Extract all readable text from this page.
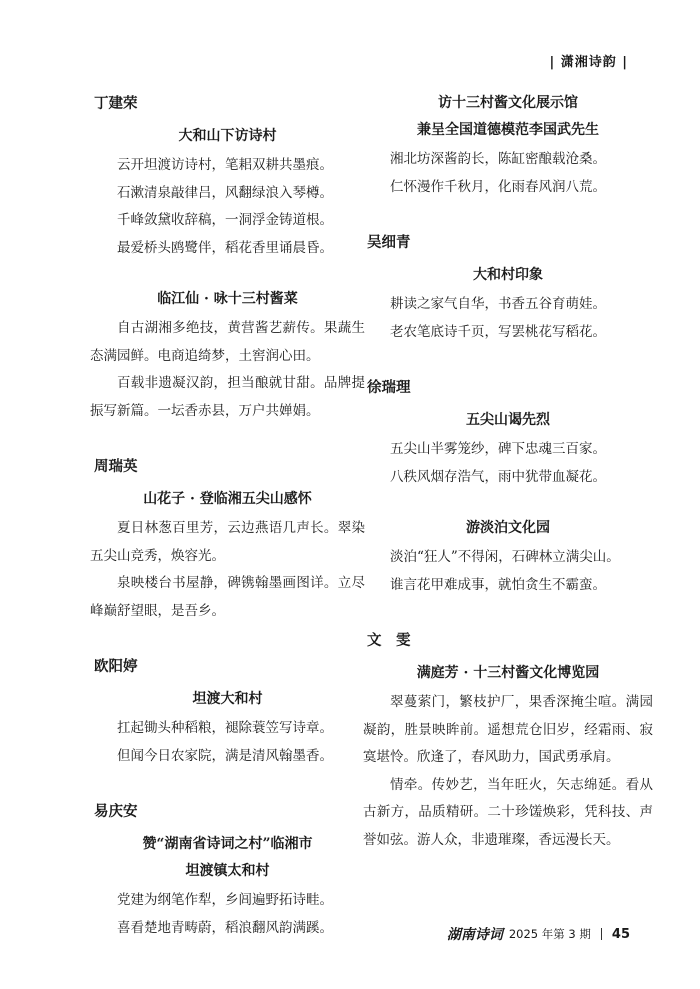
| 潇湘诗韵 |
丁建荣
大和山下访诗村

云开坦渡访诗村，笔耜双耕共墨痕。

石漱清泉敲律吕，风翻绿浪入琴樽。

千峰敛黛收辞稿，一洞浮金铸道根。

最爱桥头鸥鹭伴，稻花香里诵晨昏。

临江仙 · 咏十三村酱菜

自古湖湘多绝技，黄营酱艺薪传。果蔬生态满园鲜。电商追绮梦，土窖润心田。

百载非遗凝汉韵，担当酿就甘甜。品牌提振写新篇。一坛香赤县，万户共婵娟。

周瑞英
山花子 · 登临湘五尖山感怀

夏日林葱百里芳，云边燕语几声长。翠染五尖山竞秀，焕容光。

泉映楼台书屋静，碑镌翰墨画图详。立尽峰巅舒望眼，是吾乡。

欧阳婷
坦渡大和村

扛起锄头种稻粮，褪除蓑笠写诗章。

但闻今日农家院，满是清风翰墨香。

易庆安
赞“湖南省诗词之村”临湘市
坦渡镇太和村

党建为纲笔作犁，乡闾遍野拓诗畦。

喜看楚地青畴蔚，稻浪翻风韵满蹊。

访十三村酱文化展示馆
兼呈全国道德模范李国武先生

湘北坊深酱韵长，陈缸密酿载沧桑。

仁怀漫作千秋月，化雨春风润八荒。

吴细青
大和村印象

耕读之家气自华，书香五谷育萌娃。

老农笔底诗千页，写罢桃花写稻花。

徐瑞理
五尖山谒先烈

五尖山半雾笼纱，碑下忠魂三百家。

八秩风烟存浩气，雨中犹带血凝花。

游淡泊文化园

淡泊“狂人”不得闲，石碑林立满尖山。

谁言花甲难成事，就怕贪生不霸蛮。

文　雯
满庭芳 · 十三村酱文化博览园

翠蔓萦门，繁枝护厂，果香深掩尘喧。满园凝韵，胜景映眸前。遥想荒仓旧岁，经霜雨、寂寞堪怜。欣逢了，春风助力，国武勇承肩。

情牵。传妙艺，当年旺火，矢志绵延。看从古新方，品质精研。二十珍馐焕彩，凭科技、声誉如弦。游人众，非遗璀璨，香远漫长天。

湖南诗词 2025 年第 3 期 45
